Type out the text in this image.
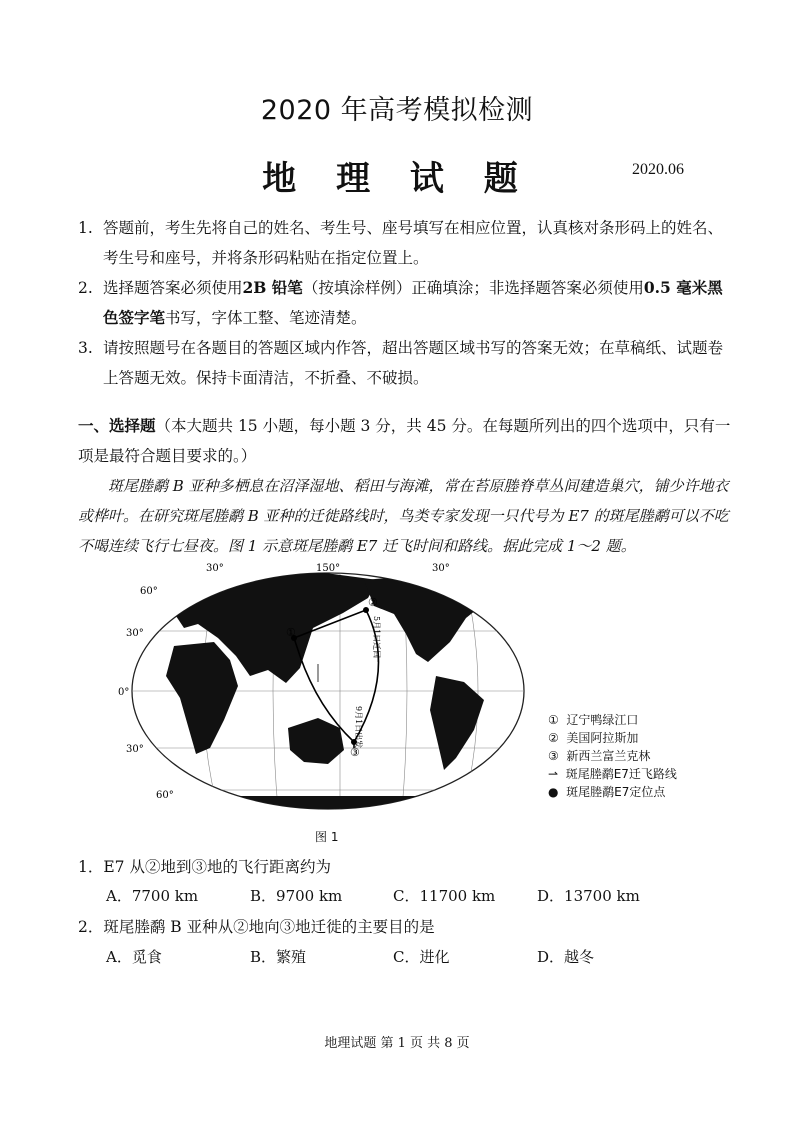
2020 年高考模拟检测
地 理 试 题	2020.06
1. 答题前，考生先将自己的姓名、考生号、座号填写在相应位置，认真核对条形码上的姓名、考生号和座号，并将条形码粘贴在指定位置上。
2. 选择题答案必须使用2B 铅笔（按填涂样例）正确填涂；非选择题答案必须使用0.5 毫米黑色签字笔书写，字体工整、笔迹清楚。
3. 请按照题号在各题目的答题区域内作答，超出答题区域书写的答案无效；在草稿纸、试题卷上答题无效。保持卡面清洁，不折叠、不破损。
一、选择题（本大题共 15 小题，每小题 3 分，共 45 分。在每题所列出的四个选项中，只有一项是最符合题目要求的。）
斑尾塍鹬 B 亚种多栖息在沼泽湿地、稻田与海滩，常在苔原塍脊草丛间建造巢穴，铺少许地衣或桦叶。在研究斑尾塍鹬 B 亚种的迁徙路线时，鸟类专家发现一只代号为 E7 的斑尾塍鹬可以不吃不喝连续飞行七昼夜。图 1 示意斑尾塍鹬 E7 迁飞时间和路线。据此完成 1～2 题。
①
②
③
5月1日迁回
9月1日出发
30°	150°	30°
60°
30°
0°
30°
60°
① 辽宁鸭绿江口
② 美国阿拉斯加
③ 新西兰富兰克林
⇀ 斑尾塍鹬E7迁飞路线
● 斑尾塍鹬E7定位点
图 1
1．E7 从②地到③地的飞行距离约为
A．7700 km	B．9700 km	C．11700 km	D．13700 km
2．斑尾塍鹬 B 亚种从②地向③地迁徙的主要目的是
A．觅食	B．繁殖	C．进化	D．越冬
地理试题 第 1 页 共 8 页
